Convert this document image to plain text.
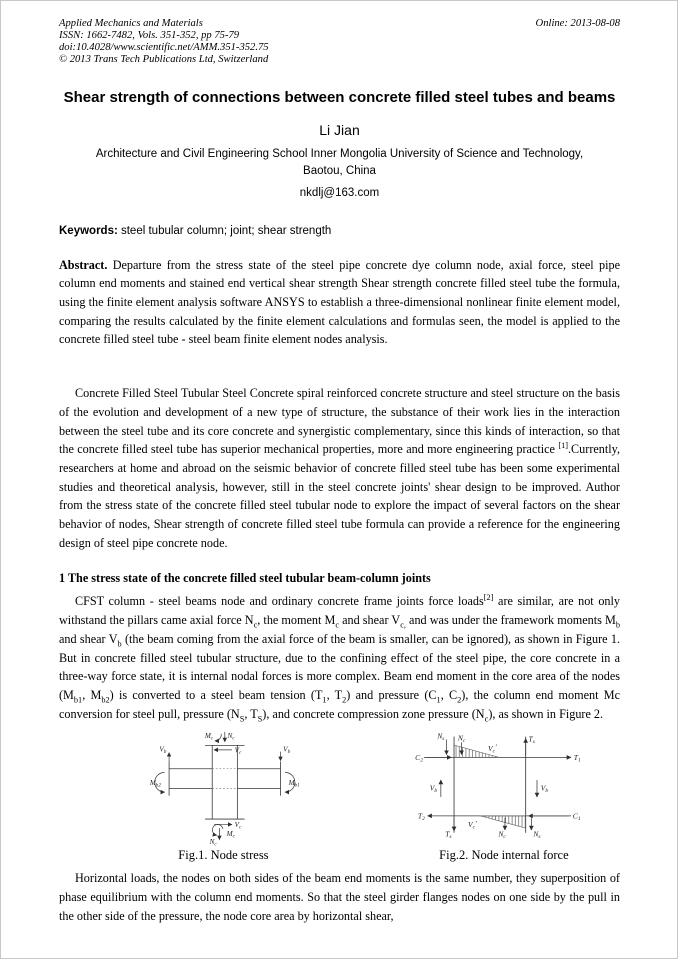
Applied Mechanics and Materials
ISSN: 1662-7482, Vols. 351-352, pp 75-79
doi:10.4028/www.scientific.net/AMM.351-352.75
© 2013 Trans Tech Publications Ltd, Switzerland
Online: 2013-08-08
Shear strength of connections between concrete filled steel tubes and beams
Li Jian
Architecture and Civil Engineering School Inner Mongolia University of Science and Technology,
Baotou, China
nkdlj@163.com
Keywords: steel tubular column; joint; shear strength
Abstract. Departure from the stress state of the steel pipe concrete dye column node, axial force, steel pipe column end moments and stained end vertical shear strength Shear strength concrete filled steel tube the formula, using the finite element analysis software ANSYS to establish a three-dimensional nonlinear finite element model, comparing the results calculated by the finite element calculations and formulas seen, the model is applied to the concrete filled steel tube - steel beam finite element nodes analysis.
Concrete Filled Steel Tubular Steel Concrete spiral reinforced concrete structure and steel structure on the basis of the evolution and development of a new type of structure, the substance of their work lies in the interaction between the steel tube and its core concrete and synergistic complementary, since this kinds of interaction, so that the concrete filled steel tube has superior mechanical properties, more and more engineering practice [1].Currently, researchers at home and abroad on the seismic behavior of concrete filled steel tube has been some experimental studies and theoretical analysis, however, still in the steel concrete joints' shear design to be improved. Author from the stress state of the concrete filled steel tubular node to explore the impact of several factors on the shear behavior of nodes, Shear strength of concrete filled steel tube formula can provide a reference for the engineering design of steel pipe concrete node.
1 The stress state of the concrete filled steel tubular beam-column joints
CFST column - steel beams node and ordinary concrete frame joints force loads[2] are similar, are not only withstand the pillars came axial force $N_c$, the moment $M_c$ and shear $V_{c,}$ and was under the framework moments $M_b$ and shear $V_b$ (the beam coming from the axial force of the beam is smaller, can be ignored), as shown in Figure 1. But in concrete filled steel tubular structure, due to the confining effect of the steel pipe, the core concrete in a three-way force state, it is internal nodal forces is more complex. Beam end moment in the core area of the nodes ($M_{b1}$, $M_{b2}$) is converted to a steel beam tension ($T_1$, $T_2$) and pressure ($C_1$, $C_2$), the column end moment Mc conversion for steel pull, pressure ($N_S$, $T_S$), and concrete compression zone pressure $(N_c)$, as shown in Figure 2.
$N_c$
$M_c$
$V_c$
$V_b$
$M_{b2}$
$V_b$
$M_{b1}$
$V_c$
$M_c$
$N_c$
Fig.1. Node stress
$C_2$	$T_1$
$T_2$	$C_1$
$V_c'$
$N_s$ $N_c$	$T_s$
$V_b$	$V_b$
$V_c'$
$N_c$	$N_s$
$T_s$
Fig.2. Node internal force
Horizontal loads, the nodes on both sides of the beam end moments is the same number, they superposition of phase equilibrium with the column end moments. So that the steel girder flanges nodes on one side by the pull in the other side of the pressure, the node core area by horizontal shear,
